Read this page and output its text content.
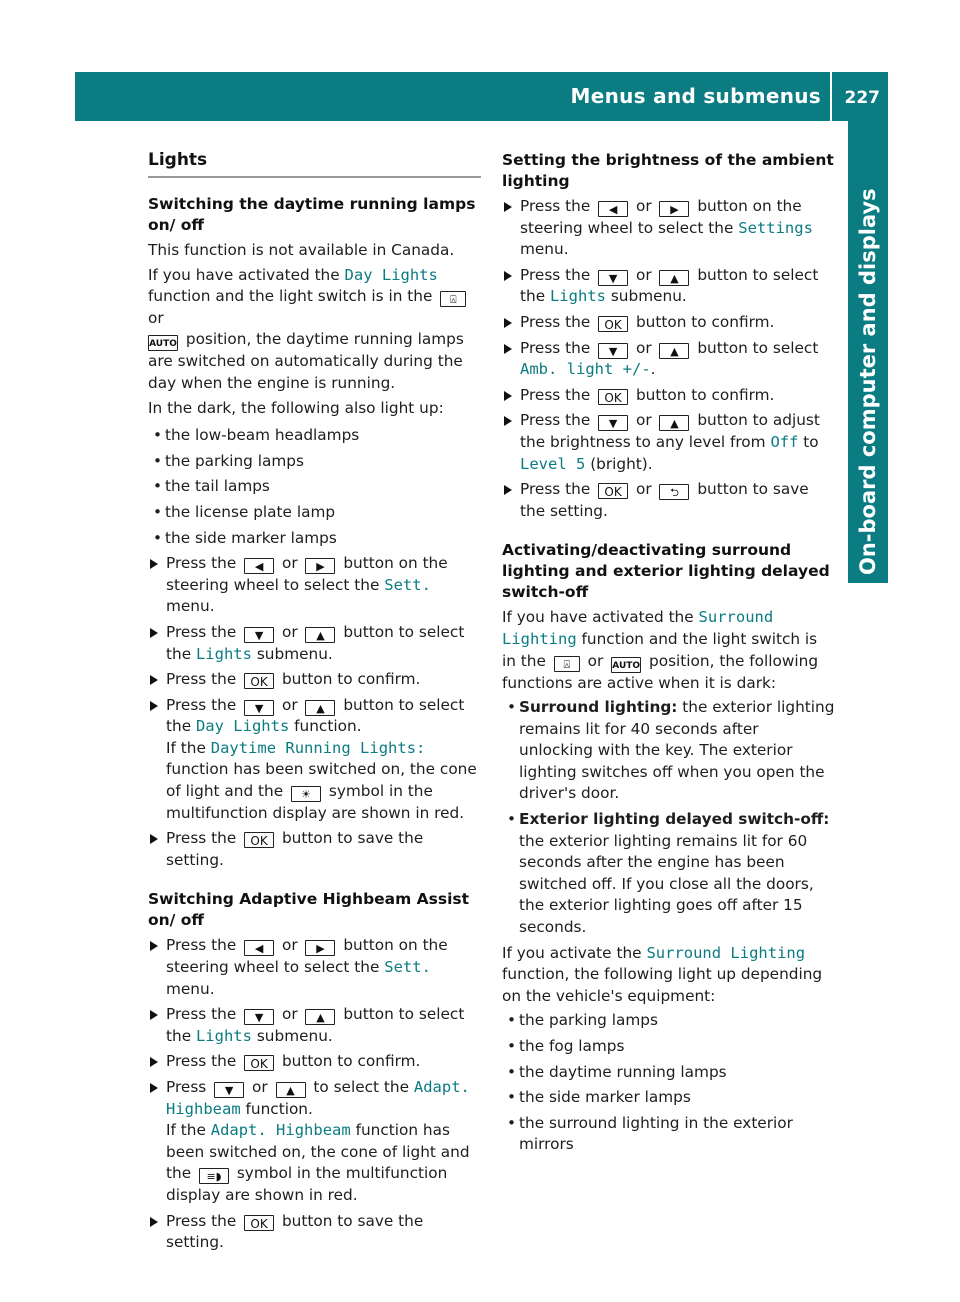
Menus and submenus 227
On-board computer and displays
Lights
Switching the daytime running lamps on/ off

This function is not available in Canada.

If you have activated the Day Lights function and the light switch is in the ⍓ or
AUTO position, the daytime running lamps are switched on automatically during the day when the engine is running.

In the dark, the following also light up:

• the low-beam headlamps
• the parking lamps
• the tail lamps
• the license plate lamp
• the side marker lamps
Press the ◀ or ▶ button on the steering wheel to select the Sett. menu.
Press the ▼ or ▲ button to select the Lights submenu.
Press the OK button to confirm.
Press the ▼ or ▲ button to select the Day Lights function.
If the Daytime Running Lights: function has been switched on, the cone of light and the ☀ symbol in the multifunction display are shown in red.
Press the OK button to save the setting.
Switching Adaptive Highbeam Assist on/ off
Press the ◀ or ▶ button on the steering wheel to select the Sett. menu.
Press the ▼ or ▲ button to select the Lights submenu.
Press the OK button to confirm.
Press ▼ or ▲ to select the Adapt. Highbeam function.
If the Adapt. Highbeam function has been switched on, the cone of light and the ≡◗ symbol in the multifunction display are shown in red.
Press the OK button to save the setting.
Setting the brightness of the ambient lighting
Press the ◀ or ▶ button on the steering wheel to select the Settings menu.
Press the ▼ or ▲ button to select the Lights submenu.
Press the OK button to confirm.
Press the ▼ or ▲ button to select Amb. light +/-.
Press the OK button to confirm.
Press the ▼ or ▲ button to adjust the brightness to any level from Off to Level 5 (bright).
Press the OK or ⮌ button to save the setting.
Activating/deactivating surround lighting and exterior lighting delayed switch-off

If you have activated the Surround Lighting function and the light switch is in the ⍓ or AUTO position, the following functions are active when it is dark:

• Surround lighting: the exterior lighting remains lit for 40 seconds after unlocking with the key. The exterior lighting switches off when you open the driver's door.
• Exterior lighting delayed switch-off: the exterior lighting remains lit for 60 seconds after the engine has been switched off. If you close all the doors, the exterior lighting goes off after 15 seconds.

If you activate the Surround Lighting function, the following light up depending on the vehicle's equipment:

• the parking lamps
• the fog lamps
• the daytime running lamps
• the side marker lamps
• the surround lighting in the exterior mirrors
